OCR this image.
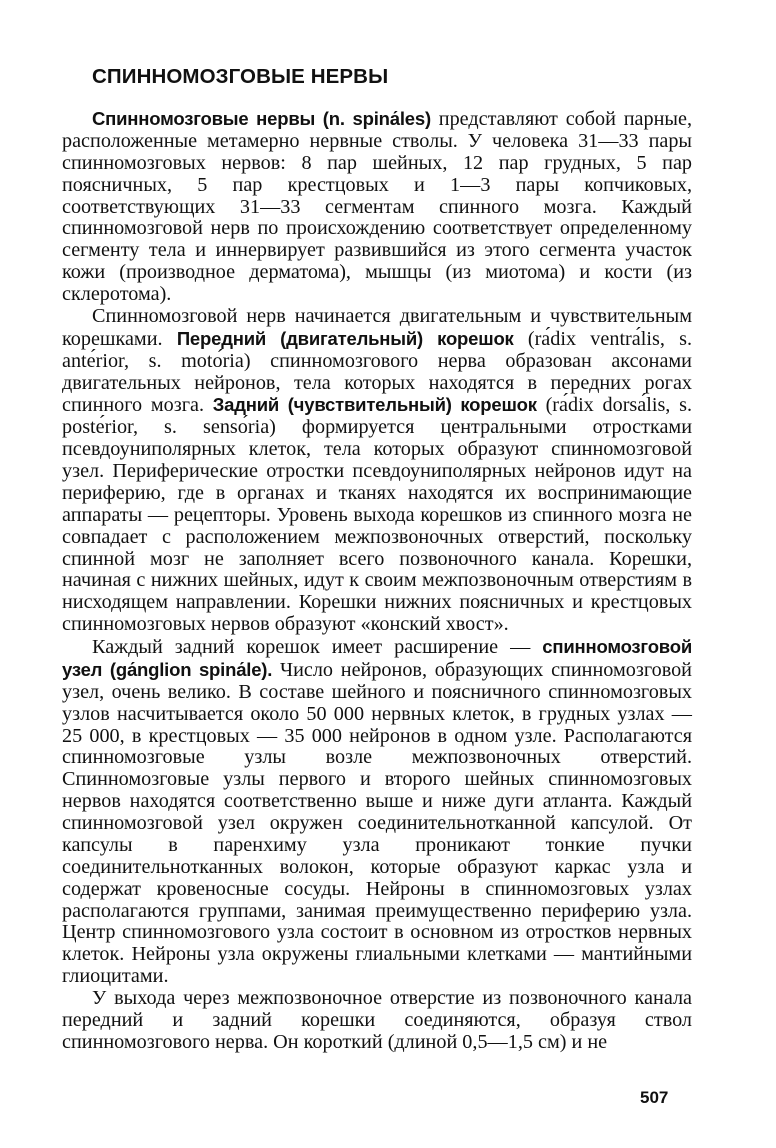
СПИННОМОЗГОВЫЕ НЕРВЫ

Спинномозговые нервы (n. spinа́les) представляют собой парные, расположенные метамерно нервные стволы. У человека 31—33 пары спинномозговых нервов: 8 пар шейных, 12 пар грудных, 5 пар поясничных, 5 пар крестцовых и 1—3 пары копчиковых, соответствующих 31—33 сегментам спинного мозга. Каждый спинномозговой нерв по происхождению соответствует определенному сегменту тела и иннервирует развившийся из этого сегмента участок кожи (производное дерматома), мышцы (из миотома) и кости (из склеротома).

Спинномозговой нерв начинается двигательным и чувствительным корешками. Передний (двигательный) корешок (rа́dix ventrа́lis, s. antе́rior, s. motо́ria) спинномозгового нерва образован аксонами двигательных нейронов, тела которых находятся в передних рогах спинного мозга. Задний (чувствительный) корешок (rа́dix dorsа́lis, s. postе́rior, s. sensо́ria) формируется центральными отростками псевдоуниполярных клеток, тела которых образуют спинномозговой узел. Периферические отростки псевдоуниполярных нейронов идут на периферию, где в органах и тканях находятся их воспринимающие аппараты — рецепторы. Уровень выхода корешков из спинного мозга не совпадает с расположением межпозвоночных отверстий, поскольку спинной мозг не заполняет всего позвоночного канала. Корешки, начиная с нижних шейных, идут к своим межпозвоночным отверстиям в нисходящем направлении. Корешки нижних поясничных и крестцовых спинномозговых нервов образуют «конский хвост».

Каждый задний корешок имеет расширение — спинномозговой узел (gа́nglion spinа́le). Число нейронов, образующих спинномозговой узел, очень велико. В составе шейного и поясничного спинномозговых узлов насчитывается около 50 000 нервных клеток, в грудных узлах — 25 000, в крестцовых — 35 000 нейронов в одном узле. Располагаются спинномозговые узлы возле межпозвоночных отверстий. Спинномозговые узлы первого и второго шейных спинномозговых нервов находятся соответственно выше и ниже дуги атланта. Каждый спинномозговой узел окружен соединительнотканной капсулой. От капсулы в паренхиму узла проникают тонкие пучки соединительнотканных волокон, которые образуют каркас узла и содержат кровеносные сосуды. Нейроны в спинномозговых узлах располагаются группами, занимая преимущественно периферию узла. Центр спинномозгового узла состоит в основном из отростков нервных клеток. Нейроны узла окружены глиальными клетками — мантийными глиоцитами.

У выхода через межпозвоночное отверстие из позвоночного канала передний и задний корешки соединяются, образуя ствол спинномозгового нерва. Он короткий (длиной 0,5—1,5 см) и не

507
